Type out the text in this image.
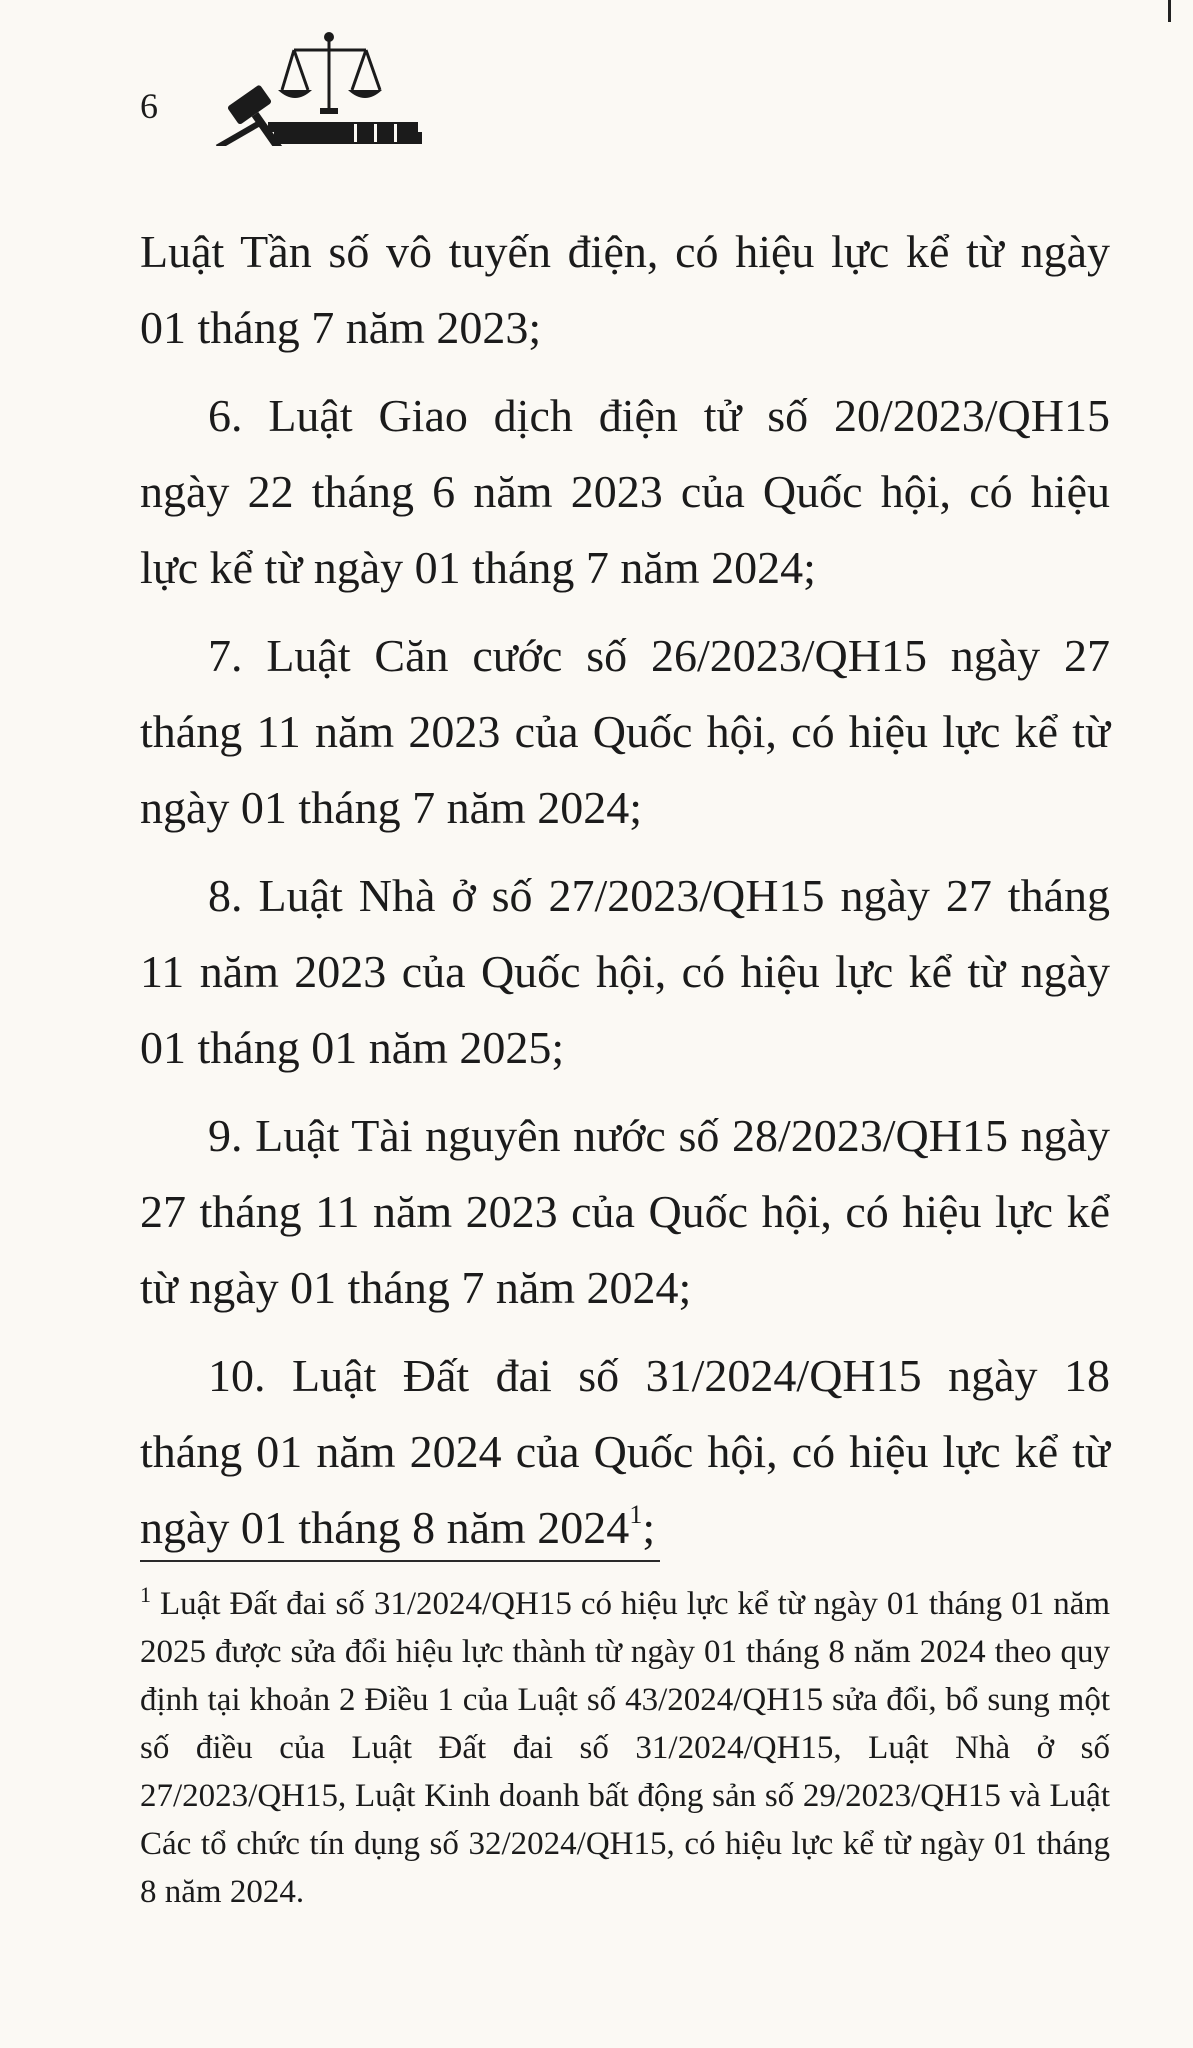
6

Luật Tần số vô tuyến điện, có hiệu lực kể từ ngày 01 tháng 7 năm 2023;

6. Luật Giao dịch điện tử số 20/2023/QH15 ngày 22 tháng 6 năm 2023 của Quốc hội, có hiệu lực kể từ ngày 01 tháng 7 năm 2024;

7. Luật Căn cước số 26/2023/QH15 ngày 27 tháng 11 năm 2023 của Quốc hội, có hiệu lực kể từ ngày 01 tháng 7 năm 2024;

8. Luật Nhà ở số 27/2023/QH15 ngày 27 tháng 11 năm 2023 của Quốc hội, có hiệu lực kể từ ngày 01 tháng 01 năm 2025;

9. Luật Tài nguyên nước số 28/2023/QH15 ngày 27 tháng 11 năm 2023 của Quốc hội, có hiệu lực kể từ ngày 01 tháng 7 năm 2024;

10. Luật Đất đai số 31/2024/QH15 ngày 18 tháng 01 năm 2024 của Quốc hội, có hiệu lực kể từ ngày 01 tháng 8 năm 2024$^1$;

$^1$ Luật Đất đai số 31/2024/QH15 có hiệu lực kể từ ngày 01 tháng 01 năm 2025 được sửa đổi hiệu lực thành từ ngày 01 tháng 8 năm 2024 theo quy định tại khoản 2 Điều 1 của Luật số 43/2024/QH15 sửa đổi, bổ sung một số điều của Luật Đất đai số 31/2024/QH15, Luật Nhà ở số 27/2023/QH15, Luật Kinh doanh bất động sản số 29/2023/QH15 và Luật Các tổ chức tín dụng số 32/2024/QH15, có hiệu lực kể từ ngày 01 tháng 8 năm 2024.
